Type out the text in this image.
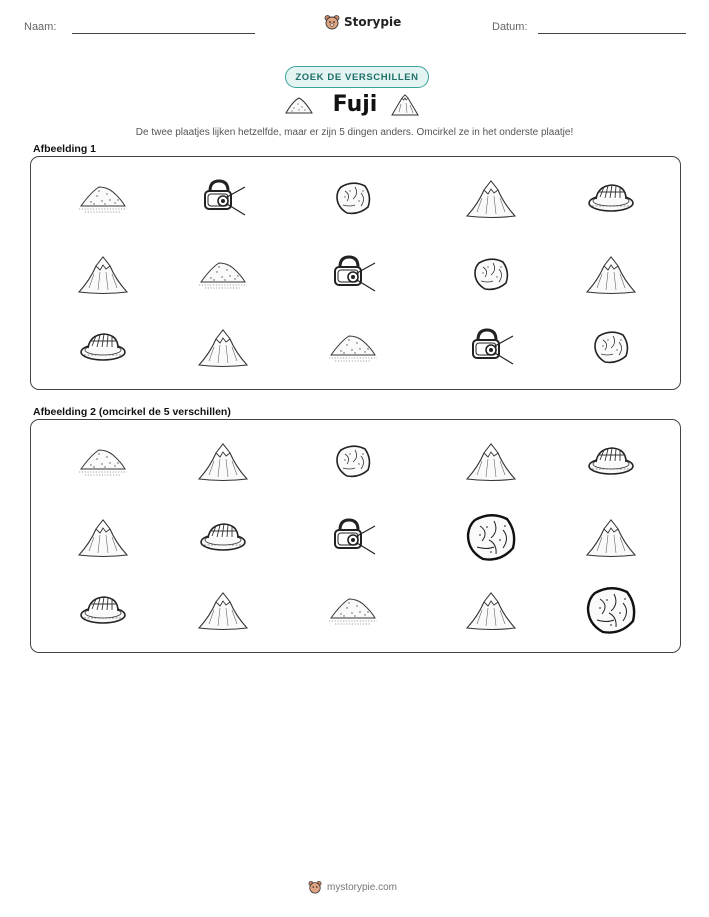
Naam:	Storypie	Datum:
ZOEK DE VERSCHILLEN
Fuji
De twee plaatjes lijken hetzelfde, maar er zijn 5 dingen anders. Omcirkel ze in het onderste plaatje!
Afbeelding 1
Afbeelding 2 (omcirkel de 5 verschillen)
mystorypie.com
